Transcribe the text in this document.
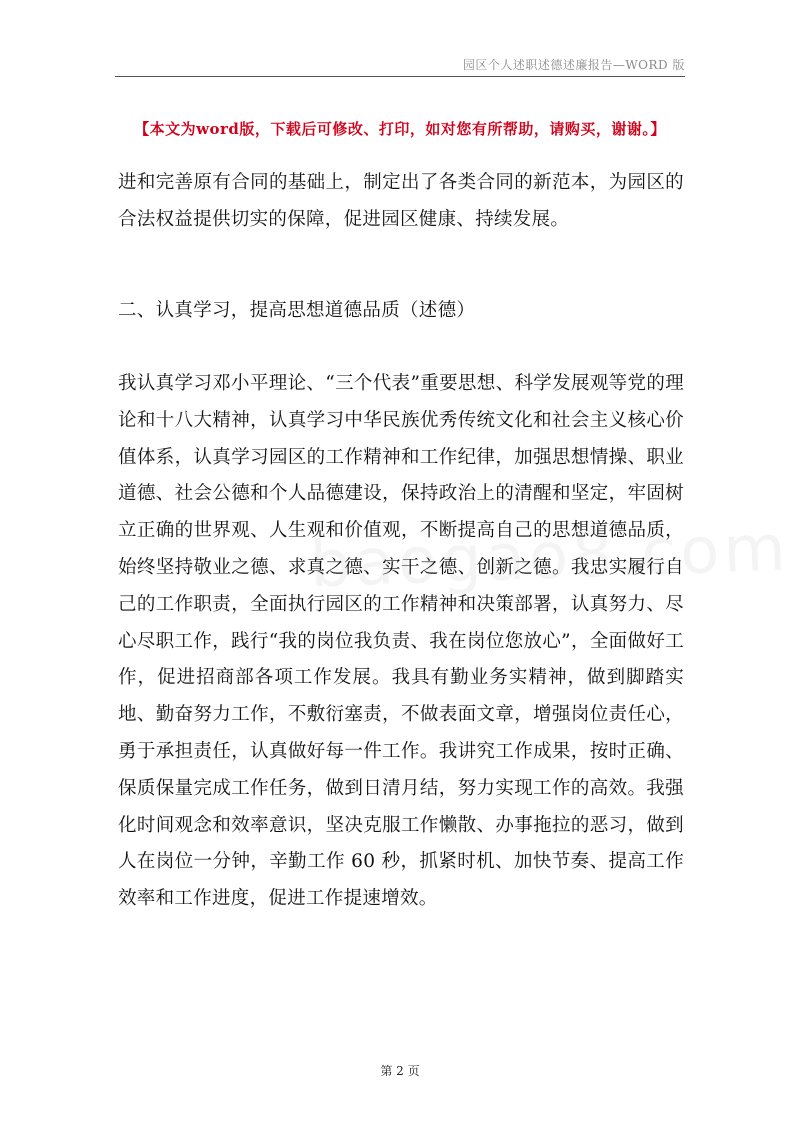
园区个人述职述德述廉报告—WORD 版
【本文为word版，下载后可修改、打印，如对您有所帮助，请购买，谢谢。】

进和完善原有合同的基础上，制定出了各类合同的新范本，为园区的合法权益提供切实的保障，促进园区健康、持续发展。

二、认真学习，提高思想道德品质（述德）

我认真学习邓小平理论、“三个代表”重要思想、科学发展观等党的理论和十八大精神，认真学习中华民族优秀传统文化和社会主义核心价值体系，认真学习园区的工作精神和工作纪律，加强思想情操、职业道德、社会公德和个人品德建设，保持政治上的清醒和坚定，牢固树立正确的世界观、人生观和价值观，不断提高自己的思想道德品质，始终坚持敬业之德、求真之德、实干之德、创新之德。我忠实履行自己的工作职责，全面执行园区的工作精神和决策部署，认真努力、尽心尽职工作，践行“我的岗位我负责、我在岗位您放心”，全面做好工作，促进招商部各项工作发展。我具有勤业务实精神，做到脚踏实地、勤奋努力工作，不敷衍塞责，不做表面文章，增强岗位责任心，勇于承担责任，认真做好每一件工作。我讲究工作成果，按时正确、保质保量完成工作任务，做到日清月结，努力实现工作的高效。我强化时间观念和效率意识，坚决克服工作懒散、办事拖拉的恶习，做到人在岗位一分钟，辛勤工作 60 秒，抓紧时机、加快节奏、提高工作效率和工作进度，促进工作提速增效。

第 2 页
